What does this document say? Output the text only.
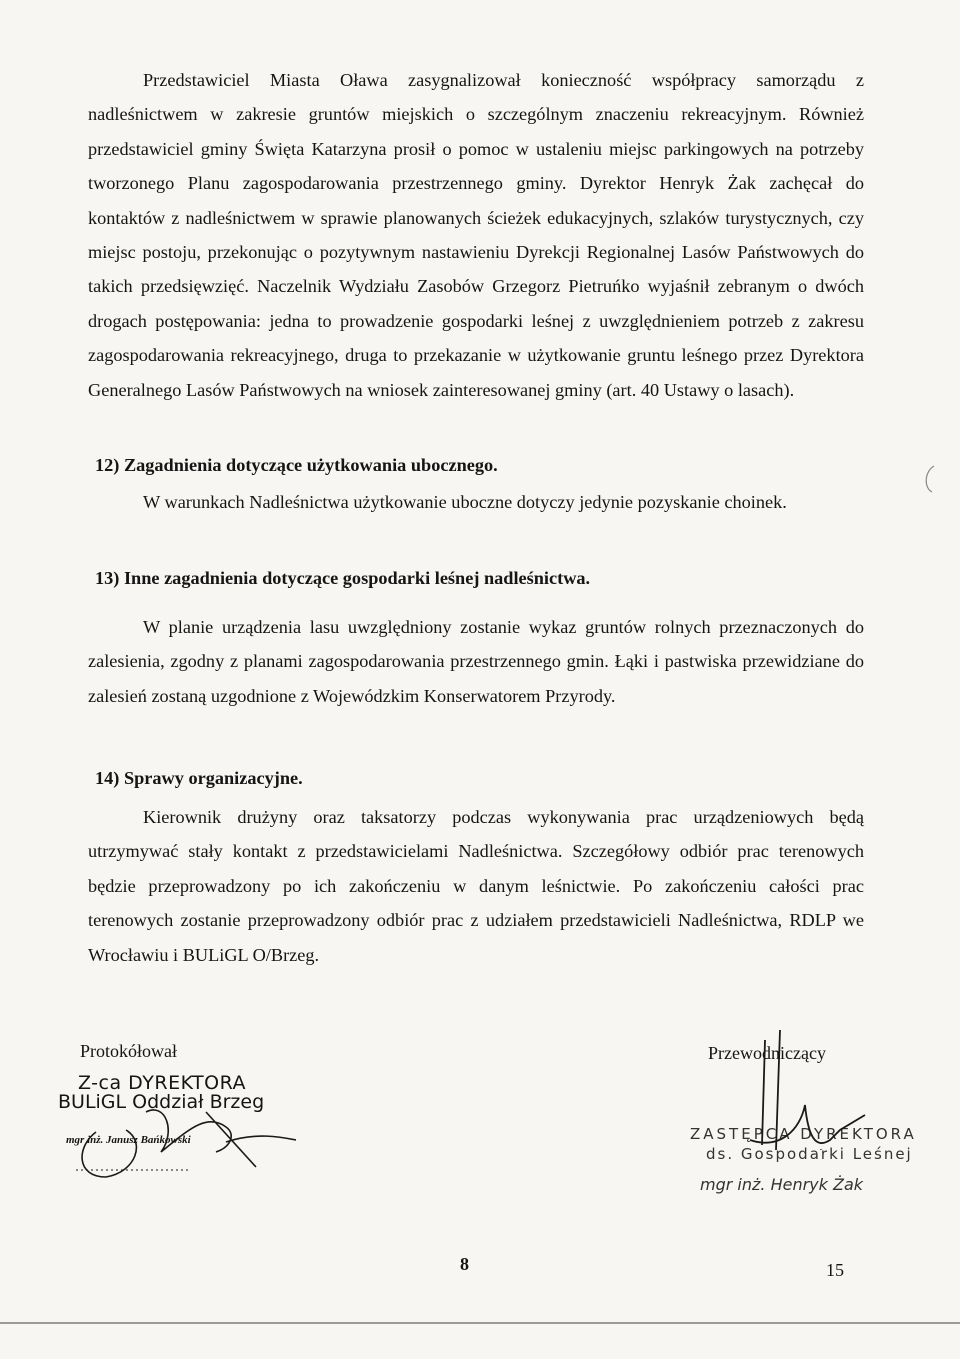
Przedstawiciel Miasta Oława zasygnalizował konieczność współpracy samorządu z nadleśnictwem w zakresie gruntów miejskich o szczególnym znaczeniu rekreacyjnym. Również przedstawiciel gminy Święta Katarzyna prosił o pomoc w ustaleniu miejsc parkingowych na potrzeby tworzonego Planu zagospodarowania przestrzennego gminy. Dyrektor Henryk Żak zachęcał do kontaktów z nadleśnictwem w sprawie planowanych ścieżek edukacyjnych, szlaków turystycznych, czy miejsc postoju, przekonując o pozytywnym nastawieniu Dyrekcji Regionalnej Lasów Państwowych do takich przedsięwzięć. Naczelnik Wydziału Zasobów Grzegorz Pietruńko wyjaśnił zebranym o dwóch drogach postępowania: jedna to prowadzenie gospodarki leśnej z uwzględnieniem potrzeb z zakresu zagospodarowania rekreacyjnego, druga to przekazanie w użytkowanie gruntu leśnego przez Dyrektora Generalnego Lasów Państwowych na wniosek zainteresowanej gminy (art. 40 Ustawy o lasach).

12) Zagadnienia dotyczące użytkowania ubocznego.

W warunkach Nadleśnictwa użytkowanie uboczne dotyczy jedynie pozyskanie choinek.

13) Inne zagadnienia dotyczące gospodarki leśnej nadleśnictwa.

W planie urządzenia lasu uwzględniony zostanie wykaz gruntów rolnych przeznaczonych do zalesienia, zgodny z planami zagospodarowania przestrzennego gmin. Łąki i pastwiska przewidziane do zalesień zostaną uzgodnione z Wojewódzkim Konserwatorem Przyrody.

14) Sprawy organizacyjne.

Kierownik drużyny oraz taksatorzy podczas wykonywania prac urządzeniowych będą utrzymywać stały kontakt z przedstawicielami Nadleśnictwa. Szczegółowy odbiór prac terenowych będzie przeprowadzony po ich zakończeniu w danym leśnictwie. Po zakończeniu całości prac terenowych zostanie przeprowadzony odbiór prac z udziałem przedstawicieli Nadleśnictwa, RDLP we Wrocławiu i BULiGL O/Brzeg.

Protokółował
Z-ca DYREKTORA
BULiGL Oddział Brzeg
mgr inż. Janusz Bańkowski
Przewodniczący
ZASTĘPCA DYREKTORA
ds. Gospodarki Leśnej
mgr inż. Henryk Żak
8	15
